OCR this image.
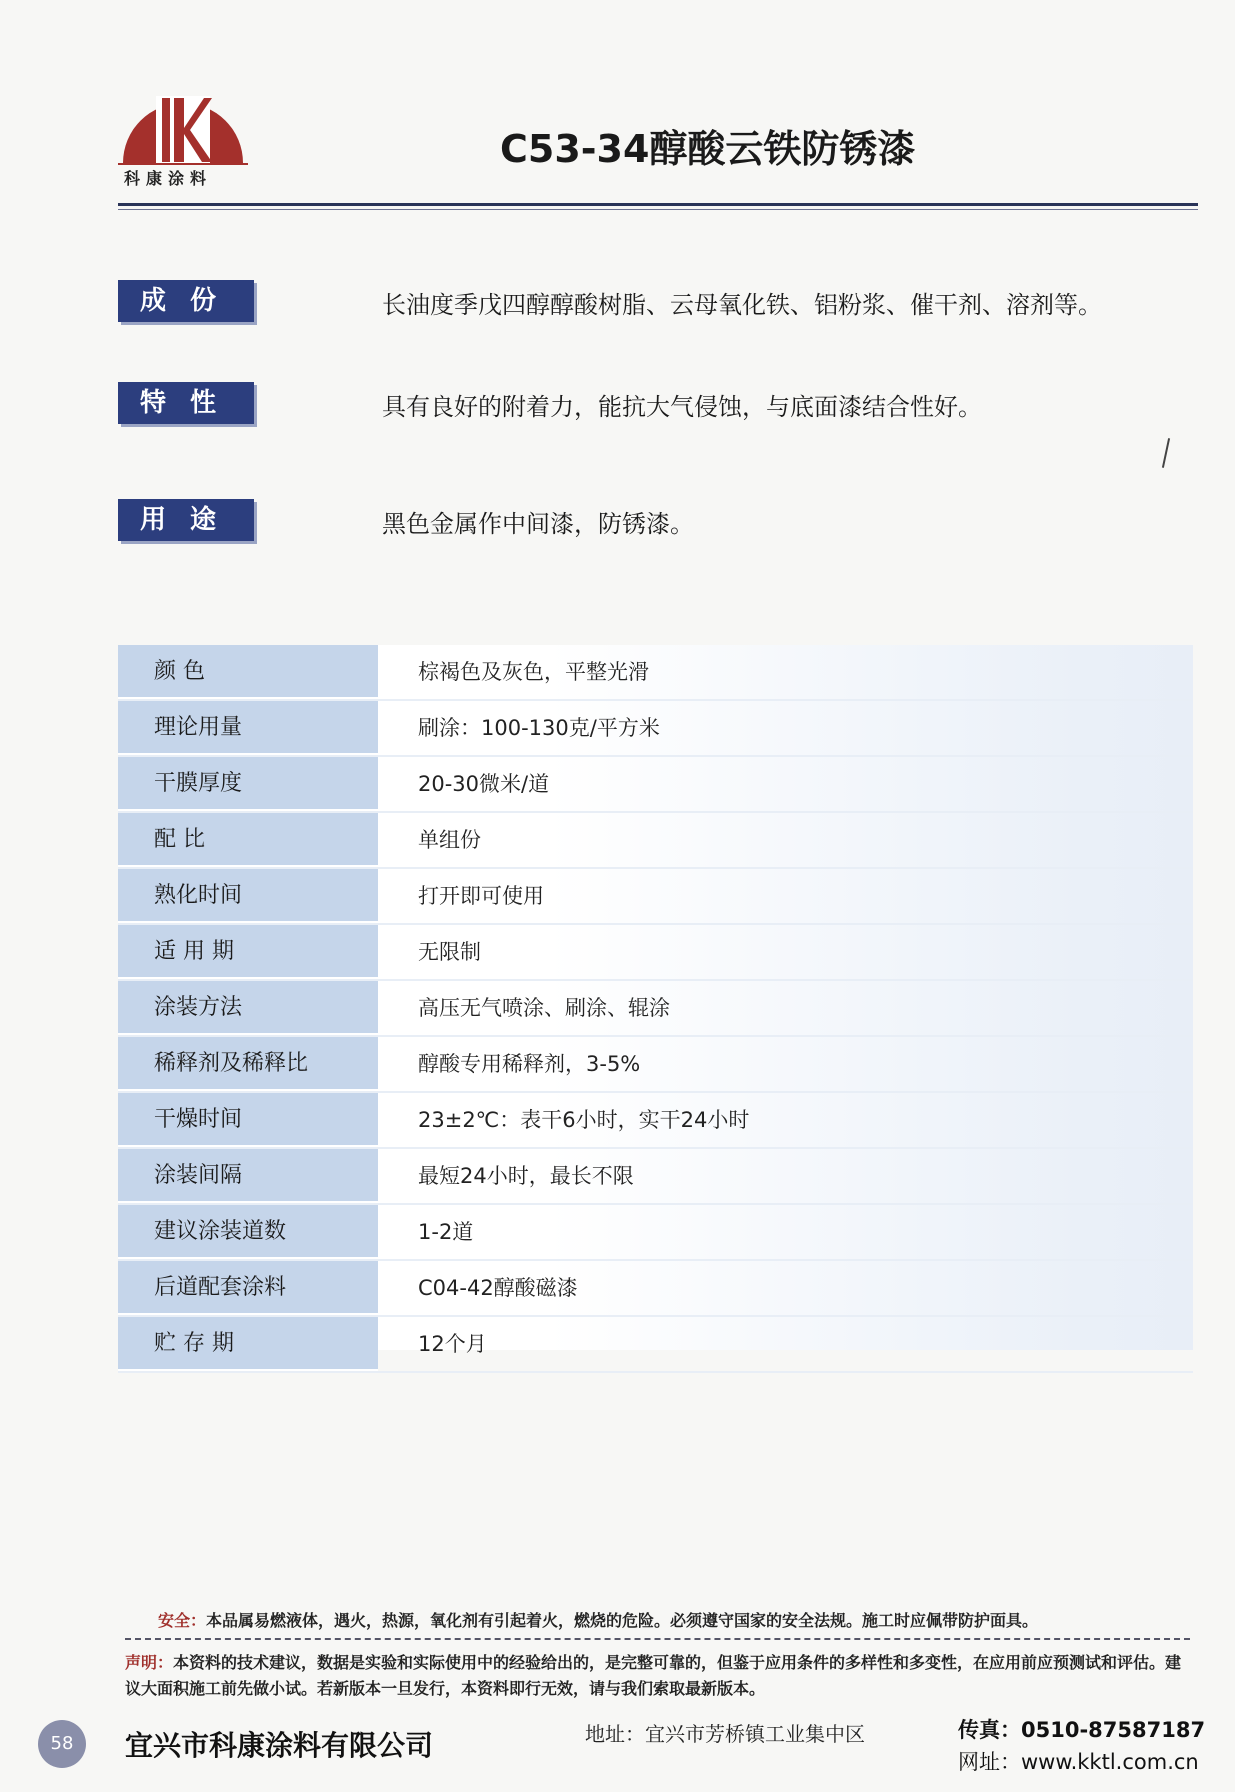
科康涂料
C53-34醇酸云铁防锈漆
成份	长油度季戊四醇醇酸树脂、云母氧化铁、铝粉浆、催干剂、溶剂等。
特性	具有良好的附着力，能抗大气侵蚀，与底面漆结合性好。
用途	黑色金属作中间漆，防锈漆。
颜 色	棕褐色及灰色，平整光滑
理论用量	刷涂：100-130克/平方米
干膜厚度	20-30微米/道
配 比	单组份
熟化时间	打开即可使用
适 用 期	无限制
涂装方法	高压无气喷涂、刷涂、辊涂
稀释剂及稀释比	醇酸专用稀释剂，3-5%
干燥时间	23±2℃：表干6小时，实干24小时
涂装间隔	最短24小时，最长不限
建议涂装道数	1-2道
后道配套涂料	C04-42醇酸磁漆
贮 存 期	12个月
安全：本品属易燃液体，遇火，热源，氧化剂有引起着火，燃烧的危险。必须遵守国家的安全法规。施工时应佩带防护面具。
声明：本资料的技术建议，数据是实验和实际使用中的经验给出的，是完整可靠的，但鉴于应用条件的多样性和多变性，在应用前应预测试和评估。建议大面积施工前先做小试。若新版本一旦发行，本资料即行无效，请与我们索取最新版本。
58	宜兴市科康涂料有限公司	地址：宜兴市芳桥镇工业集中区	传真：0510-87587187
网址：www.kktl.com.cn
